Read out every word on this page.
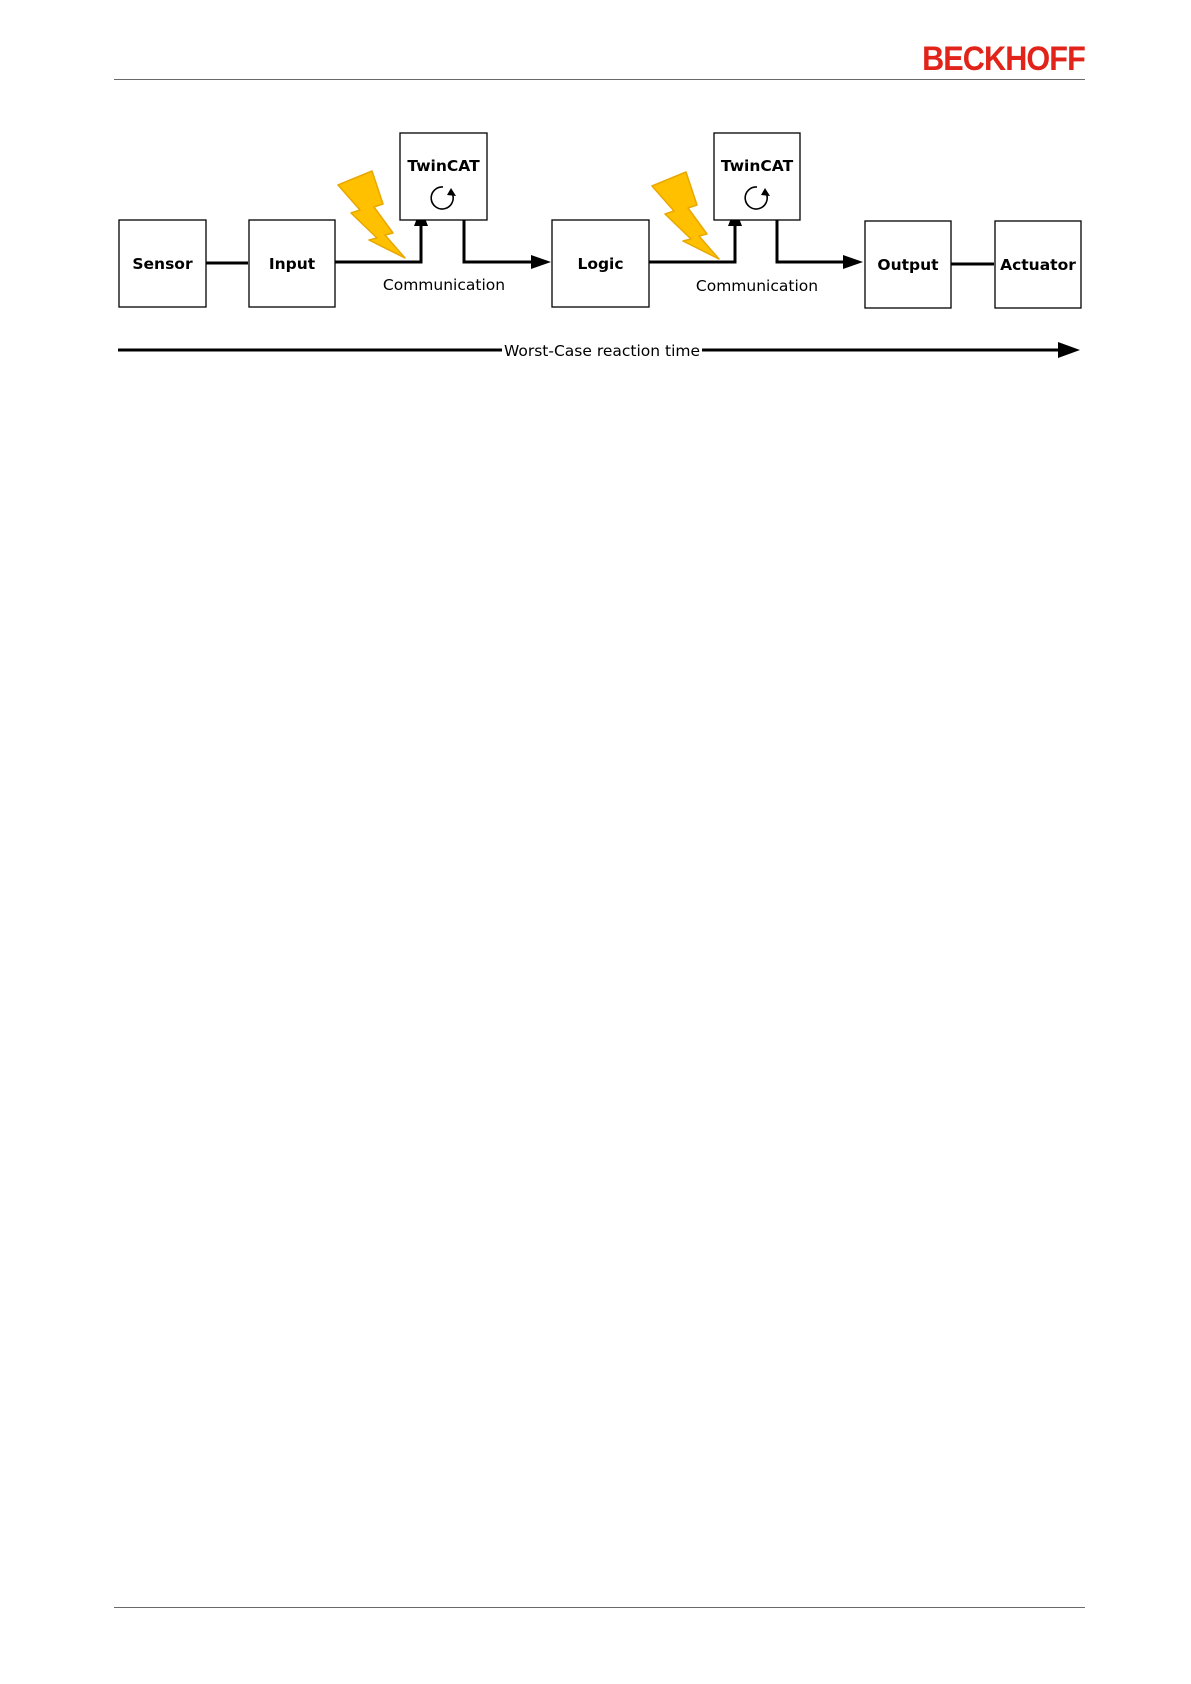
BECKHOFF
Sensor	Input
TwinCAT
Logic
TwinCAT
Output	Actuator
Communication	Communication
Worst-Case reaction time
